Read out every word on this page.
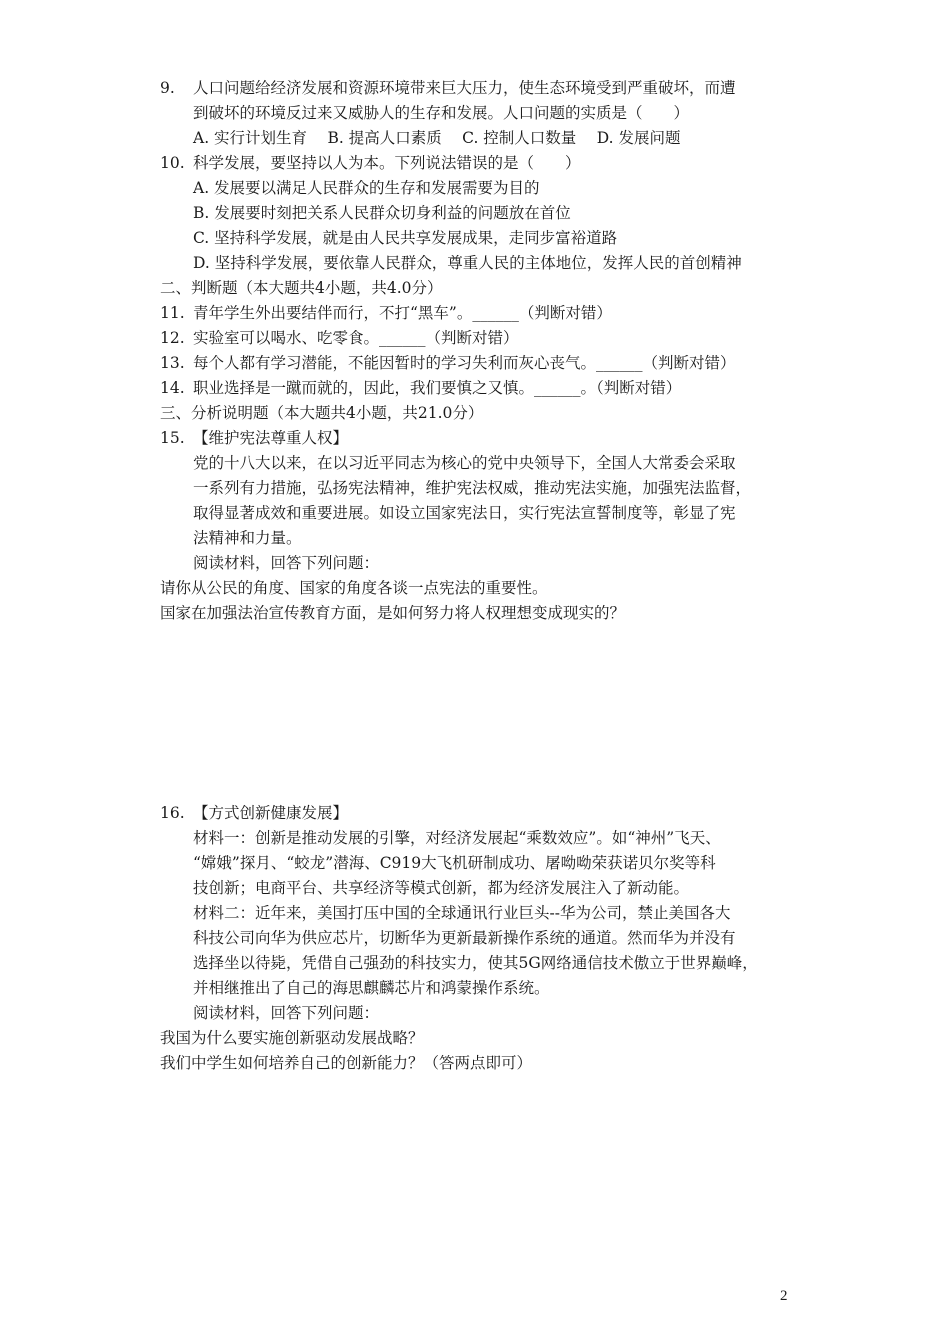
9. 人口问题给经济发展和资源环境带来巨大压力，使生态环境受到严重破坏，而遭
到破坏的环境反过来又威胁人的生存和发展。人口问题的实质是（　　）
A. 实行计划生育　 B. 提高人口素质　 C. 控制人口数量　 D. 发展问题
10. 科学发展，要坚持以人为本。下列说法错误的是（　　）
A. 发展要以满足人民群众的生存和发展需要为目的
B. 发展要时刻把关系人民群众切身利益的问题放在首位
C. 坚持科学发展，就是由人民共享发展成果，走同步富裕道路
D. 坚持科学发展，要依靠人民群众，尊重人民的主体地位，发挥人民的首创精神
二、判断题（本大题共4小题，共4.0分）
11. 青年学生外出要结伴而行，不打“黑车”。______（判断对错）
12. 实验室可以喝水、吃零食。______（判断对错）
13. 每个人都有学习潜能，不能因暂时的学习失利而灰心丧气。______（判断对错）
14. 职业选择是一蹴而就的，因此，我们要慎之又慎。______。（判断对错）
三、分析说明题（本大题共4小题，共21.0分）
15. 【维护宪法尊重人权】
党的十八大以来，在以习近平同志为核心的党中央领导下，全国人大常委会采取
一系列有力措施，弘扬宪法精神，维护宪法权威，推动宪法实施，加强宪法监督，
取得显著成效和重要进展。如设立国家宪法日，实行宪法宣誓制度等，彰显了宪
法精神和力量。
阅读材料，回答下列问题：
请你从公民的角度、国家的角度各谈一点宪法的重要性。
国家在加强法治宣传教育方面，是如何努力将人权理想变成现实的？
16. 【方式创新健康发展】
材料一：创新是推动发展的引擎，对经济发展起“乘数效应”。如“神州”飞天、
“嫦娥”探月、“蛟龙”潜海、C919大飞机研制成功、屠呦呦荣获诺贝尔奖等科
技创新；电商平台、共享经济等模式创新，都为经济发展注入了新动能。
材料二：近年来，美国打压中国的全球通讯行业巨头--华为公司，禁止美国各大
科技公司向华为供应芯片，切断华为更新最新操作系统的通道。然而华为并没有
选择坐以待毙，凭借自己强劲的科技实力，使其5G网络通信技术傲立于世界巅峰，
并相继推出了自己的海思麒麟芯片和鸿蒙操作系统。
阅读材料，回答下列问题：
我国为什么要实施创新驱动发展战略？
我们中学生如何培养自己的创新能力？（答两点即可）
2
